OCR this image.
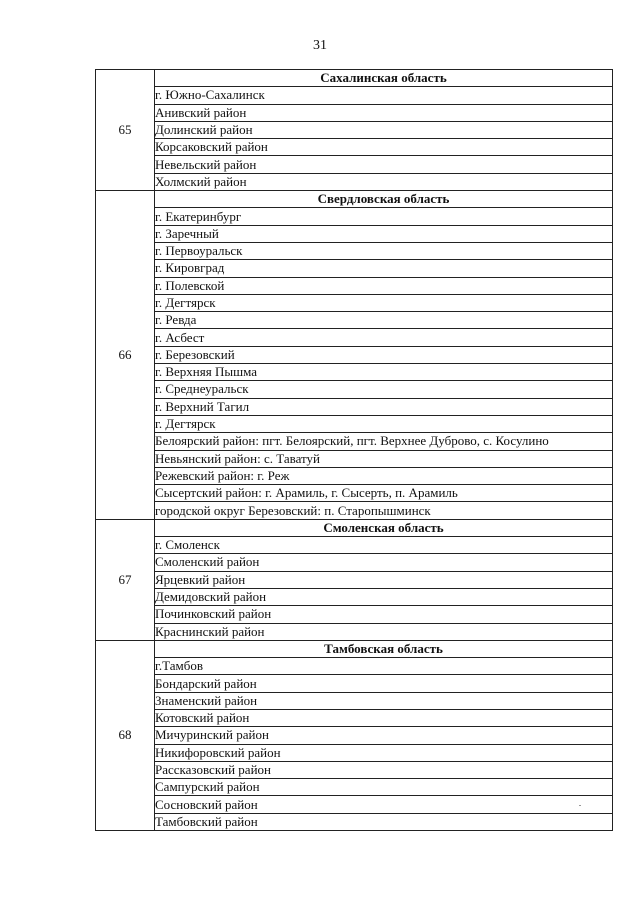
31
65	Сахалинская область
	г. Южно-Сахалинск
	Анивский район
	Долинский район
	Корсаковский район
	Невельский район
	Холмский район
66	Свердловская область
	г. Екатеринбург
	г. Заречный
	г. Первоуральск
	г. Кировград
	г. Полевской
	г. Дегтярск
	г. Ревда
	г. Асбест
	г. Березовский
	г. Верхняя Пышма
	г. Среднеуральск
	г. Верхний Тагил
	г. Дегтярск
	Белоярский район: пгт. Белоярский, пгт. Верхнее Дуброво, с. Косулино
	Невьянский район: с. Таватуй
	Режевский район: г. Реж
	Сысертский район: г. Арамиль, г. Сысерть, п. Арамиль
	городской округ Березовский: п. Старопышминск
67	Смоленская область
	г. Смоленск
	Смоленский район
	Ярцевкий район
	Демидовский район
	Починковский район
	Краснинский район
68	Тамбовская область
	г.Тамбов
	Бондарский район
	Знаменский район
	Котовский район
	Мичуринский район
	Никифоровский район
	Рассказовский район
	Сампурский район
	Сосновский район
	Тамбовский район
